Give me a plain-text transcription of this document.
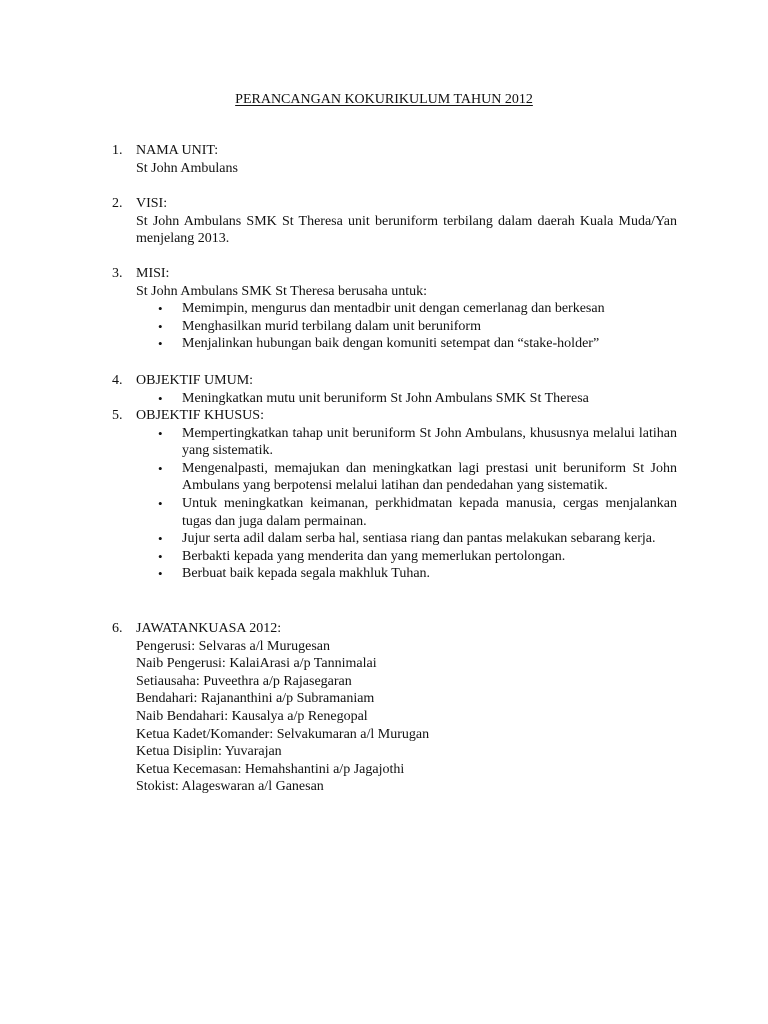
PERANCANGAN KOKURIKULUM TAHUN 2012
1. NAMA UNIT:
St John Ambulans
2. VISI:
St John Ambulans SMK St Theresa unit beruniform terbilang dalam daerah Kuala Muda/Yan menjelang 2013.
3. MISI:
St John Ambulans SMK St Theresa berusaha untuk:
• Memimpin, mengurus dan mentadbir unit dengan cemerlanag dan berkesan
• Menghasilkan murid terbilang dalam unit beruniform
• Menjalinkan hubungan baik dengan komuniti setempat dan “stake-holder”
4. OBJEKTIF UMUM:
• Meningkatkan mutu unit beruniform St John Ambulans SMK St Theresa
5. OBJEKTIF KHUSUS:
• Mempertingkatkan tahap unit beruniform St John Ambulans, khususnya melalui latihan yang sistematik.
• Mengenalpasti, memajukan dan meningkatkan lagi prestasi unit beruniform St John Ambulans yang berpotensi melalui latihan dan pendedahan yang sistematik.
• Untuk meningkatkan keimanan, perkhidmatan kepada manusia, cergas menjalankan tugas dan juga dalam permainan.
• Jujur serta adil dalam serba hal, sentiasa riang dan pantas melakukan sebarang kerja.
• Berbakti kepada yang menderita dan yang memerlukan pertolongan.
• Berbuat baik kepada segala makhluk Tuhan.
6. JAWATANKUASA 2012:
Pengerusi: Selvaras a/l Murugesan
Naib Pengerusi: KalaiArasi a/p Tannimalai
Setiausaha: Puveethra a/p Rajasegaran
Bendahari: Rajananthini a/p Subramaniam
Naib Bendahari: Kausalya a/p Renegopal
Ketua Kadet/Komander: Selvakumaran a/l Murugan
Ketua Disiplin: Yuvarajan
Ketua Kecemasan: Hemahshantini a/p Jagajothi
Stokist: Alageswaran a/l Ganesan
